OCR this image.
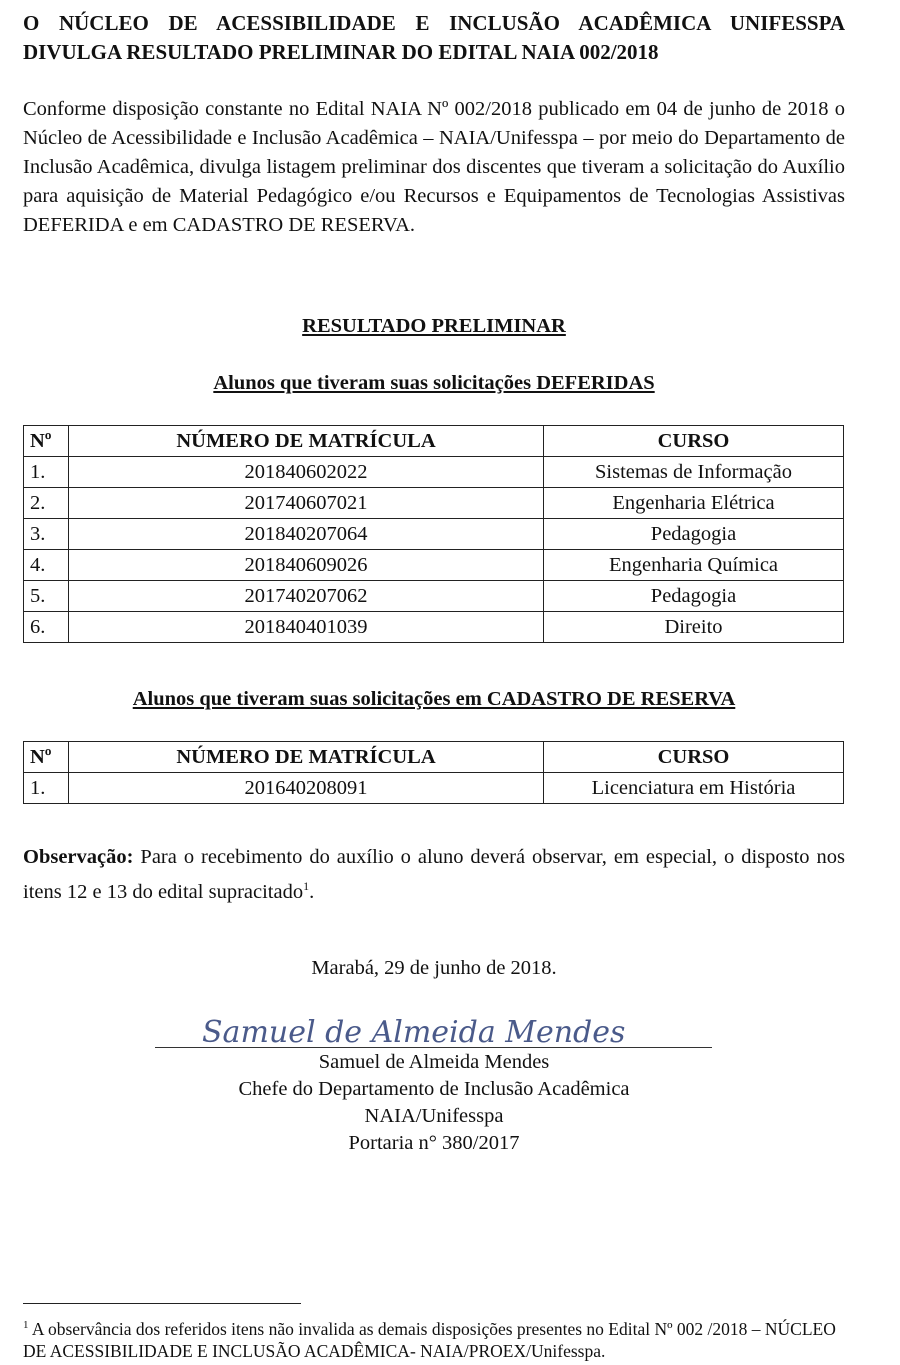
O NÚCLEO DE ACESSIBILIDADE E INCLUSÃO ACADÊMICA UNIFESSPA DIVULGA RESULTADO PRELIMINAR DO EDITAL NAIA 002/2018

Conforme disposição constante no Edital NAIA Nº 002/2018 publicado em 04 de junho de 2018 o Núcleo de Acessibilidade e Inclusão Acadêmica – NAIA/Unifesspa – por meio do Departamento de Inclusão Acadêmica, divulga listagem preliminar dos discentes que tiveram a solicitação do Auxílio para aquisição de Material Pedagógico e/ou Recursos e Equipamentos de Tecnologias Assistivas DEFERIDA e em CADASTRO DE RESERVA.

RESULTADO PRELIMINAR

Alunos que tiveram suas solicitações DEFERIDAS

Nº	NÚMERO DE MATRÍCULA	CURSO
1.	201840602022	Sistemas de Informação
2.	201740607021	Engenharia Elétrica
3.	201840207064	Pedagogia
4.	201840609026	Engenharia Química
5.	201740207062	Pedagogia
6.	201840401039	Direito

Alunos que tiveram suas solicitações em CADASTRO DE RESERVA

Nº	NÚMERO DE MATRÍCULA	CURSO
1.	201640208091	Licenciatura em História

Observação: Para o recebimento do auxílio o aluno deverá observar, em especial, o disposto nos itens 12 e 13 do edital supracitado$^1$.

Marabá, 29 de junho de 2018.

Samuel de Almeida Mendes
Samuel de Almeida Mendes
Chefe do Departamento de Inclusão Acadêmica
NAIA/Unifesspa
Portaria n° 380/2017

$^1$ A observância dos referidos itens não invalida as demais disposições presentes no Edital Nº 002 /2018 – NÚCLEO DE ACESSIBILIDADE E INCLUSÃO ACADÊMICA- NAIA/PROEX/Unifesspa.
